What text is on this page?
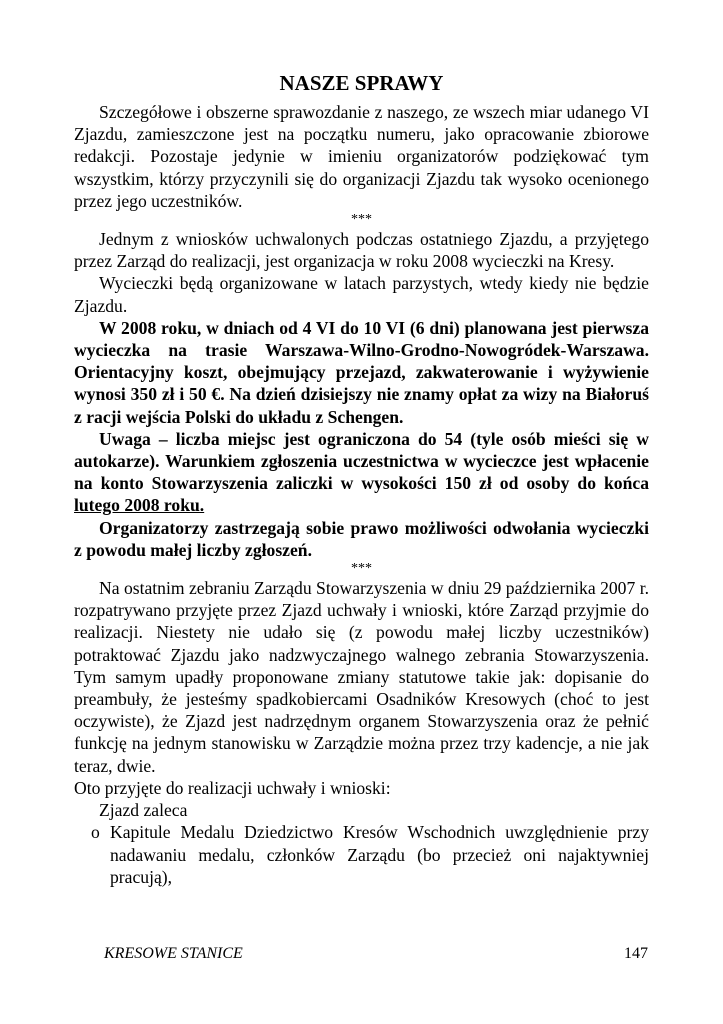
NASZE SPRAWY

Szczegółowe i obszerne sprawozdanie z naszego, ze wszech miar udanego VI Zjazdu, zamieszczone jest na początku numeru, jako opracowanie zbiorowe redakcji. Pozostaje jedynie w imieniu organizatorów podziękować tym wszystkim, którzy przyczynili się do organizacji Zjazdu tak wysoko ocenionego przez jego uczestników.

***

Jednym z wniosków uchwalonych podczas ostatniego Zjazdu, a przyjętego przez Zarząd do realizacji, jest organizacja w roku 2008 wycieczki na Kresy.

Wycieczki będą organizowane w latach parzystych, wtedy kiedy nie będzie Zjazdu.

W 2008 roku, w dniach od 4 VI do 10 VI (6 dni) planowana jest pierwsza wycieczka na trasie Warszawa-Wilno-Grodno-Nowogródek-Warszawa. Orientacyjny koszt, obejmujący przejazd, zakwaterowanie i wyżywienie wynosi 350 zł i 50 €. Na dzień dzisiejszy nie znamy opłat za wizy na Białoruś z racji wejścia Polski do układu z Schengen.

Uwaga – liczba miejsc jest ograniczona do 54 (tyle osób mieści się w autokarze). Warunkiem zgłoszenia uczestnictwa w wycieczce jest wpłacenie na konto Stowarzyszenia zaliczki w wysokości 150 zł od osoby do końca lutego 2008 roku.

Organizatorzy zastrzegają sobie prawo możliwości odwołania wycieczki z powodu małej liczby zgłoszeń.

***

Na ostatnim zebraniu Zarządu Stowarzyszenia w dniu 29 października 2007 r. rozpatrywano przyjęte przez Zjazd uchwały i wnioski, które Zarząd przyjmie do realizacji. Niestety nie udało się (z powodu małej liczby uczestników) potraktować Zjazdu jako nadzwyczajnego walnego zebrania Stowarzyszenia. Tym samym upadły proponowane zmiany statutowe takie jak: dopisanie do preambuły, że jesteśmy spadkobiercami Osadników Kresowych (choć to jest oczywiste), że Zjazd jest nadrzędnym organem Stowarzyszenia oraz że pełnić funkcję na jednym stanowisku w Zarządzie można przez trzy kadencje, a nie jak teraz, dwie.

Oto przyjęte do realizacji uchwały i wnioski:

Zjazd zaleca

o Kapitule Medalu Dziedzictwo Kresów Wschodnich uwzględnienie przy nadawaniu medalu, członków Zarządu (bo przecież oni najaktywniej pracują),
KRESOWE STANICE	147
